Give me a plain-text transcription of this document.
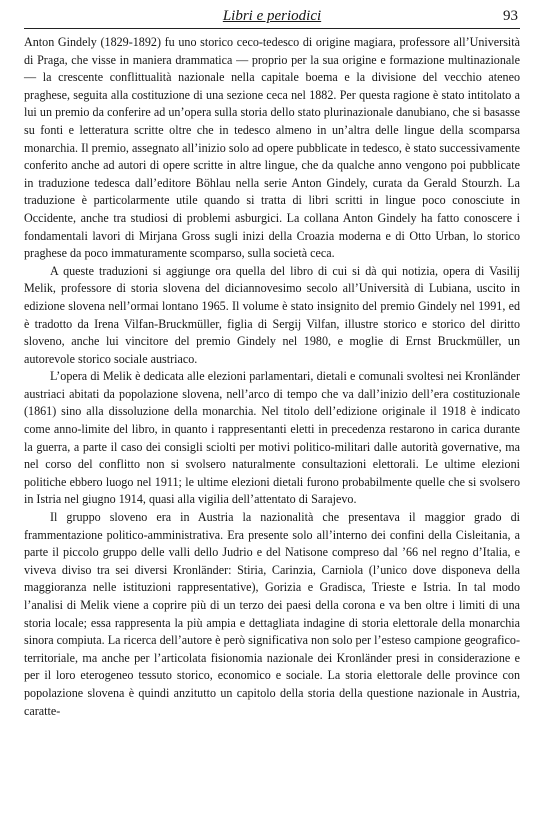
Libri e periodici	93

Anton Gindely (1829-1892) fu uno storico ceco-tedesco di origine magiara, professore all’Università di Praga, che visse in maniera drammatica — proprio per la sua origine e formazione multinazionale — la crescente conflittualità nazionale nella capitale boema e la divisione del vecchio ateneo praghese, seguita alla costituzione di una sezione ceca nel 1882. Per questa ragione è stato intitolato a lui un premio da conferire ad un’opera sulla storia dello stato plurinazionale danubiano, che si basasse su fonti e letteratura scritte oltre che in tedesco almeno in un’altra delle lingue della scomparsa monarchia. Il premio, assegnato all’inizio solo ad opere pubblicate in tedesco, è stato successivamente conferito anche ad autori di opere scritte in altre lingue, che da qualche anno vengono poi pubblicate in traduzione tedesca dall’editore Böhlau nella serie Anton Gindely, curata da Gerald Stourzh. La traduzione è particolarmente utile quando si tratta di libri scritti in lingue poco conosciute in Occidente, anche tra studiosi di problemi asburgici. La collana Anton Gindely ha fatto conoscere i fondamentali lavori di Mirjana Gross sugli inizi della Croazia moderna e di Otto Urban, lo storico praghese da poco immaturamente scomparso, sulla società ceca.

A queste traduzioni si aggiunge ora quella del libro di cui si dà qui notizia, opera di Vasilij Melik, professore di storia slovena del diciannovesimo secolo all’Università di Lubiana, uscito in edizione slovena nell’ormai lontano 1965. Il volume è stato insignito del premio Gindely nel 1991, ed è tradotto da Irena Vilfan-Bruckmüller, figlia di Sergij Vilfan, illustre storico e storico del diritto sloveno, anche lui vincitore del premio Gindely nel 1980, e moglie di Ernst Bruckmüller, un autorevole storico sociale austriaco.

L’opera di Melik è dedicata alle elezioni parlamentari, dietali e comunali svoltesi nei Kronländer austriaci abitati da popolazione slovena, nell’arco di tempo che va dall’inizio dell’era costituzionale (1861) sino alla dissoluzione della monarchia. Nel titolo dell’edizione originale il 1918 è indicato come anno-limite del libro, in quanto i rappresentanti eletti in precedenza restarono in carica durante la guerra, a parte il caso dei consigli sciolti per motivi politico-militari dalle autorità governative, ma nel corso del conflitto non si svolsero naturalmente consultazioni elettorali. Le ultime elezioni politiche ebbero luogo nel 1911; le ultime elezioni dietali furono probabilmente quelle che si svolsero in Istria nel giugno 1914, quasi alla vigilia dell’attentato di Sarajevo.

Il gruppo sloveno era in Austria la nazionalità che presentava il maggior grado di frammentazione politico-amministrativa. Era presente solo all’interno dei confini della Cisleitania, a parte il piccolo gruppo delle valli dello Judrio e del Natisone compreso dal ’66 nel regno d’Italia, e viveva diviso tra sei diversi Kronländer: Stiria, Carinzia, Carniola (l’unico dove disponeva della maggioranza nelle istituzioni rappresentative), Gorizia e Gradisca, Trieste e Istria. In tal modo l’analisi di Melik viene a coprire più di un terzo dei paesi della corona e va ben oltre i limiti di una storia locale; essa rappresenta la più ampia e dettagliata indagine di storia elettorale della monarchia sinora compiuta. La ricerca dell’autore è però significativa non solo per l’esteso campione geografico-territoriale, ma anche per l’articolata fisionomia nazionale dei Kronländer presi in considerazione e per il loro eterogeneo tessuto storico, economico e sociale. La storia elettorale delle province con popolazione slovena è quindi anzitutto un capitolo della storia della questione nazionale in Austria, caratte-
